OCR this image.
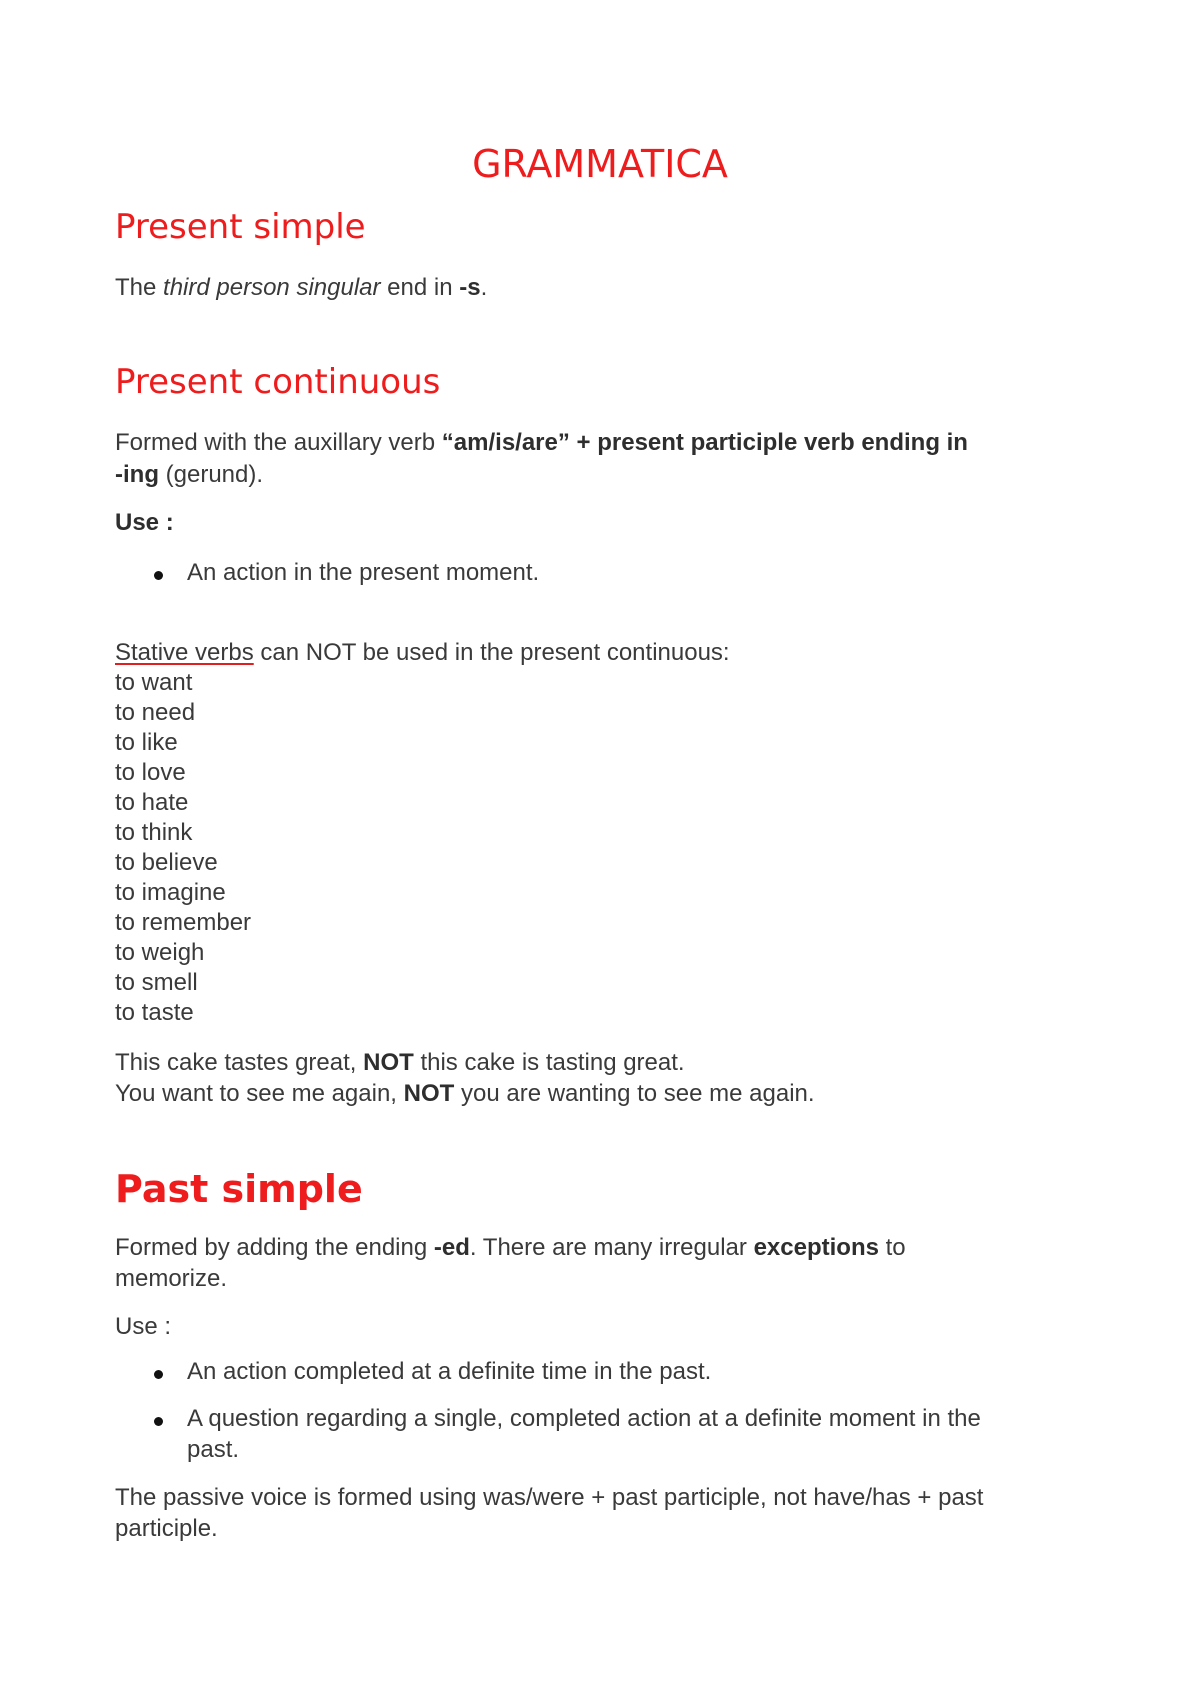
GRAMMATICA
Present simple
The third person singular end in -s.
Present continuous
Formed with the auxillary verb “am/is/are” + present participle verb ending in
-ing (gerund).
Use :
An action in the present moment.
Stative verbs can NOT be used in the present continuous:
to want
to need
to like
to love
to hate
to think
to believe
to imagine
to remember
to weigh
to smell
to taste
This cake tastes great, NOT this cake is tasting great.
You want to see me again, NOT you are wanting to see me again.
Past simple
Formed by adding the ending -ed. There are many irregular exceptions to
memorize.
Use :
An action completed at a definite time in the past.
A question regarding a single, completed action at a definite moment in the
past.
The passive voice is formed using was/were + past participle, not have/has + past
participle.
